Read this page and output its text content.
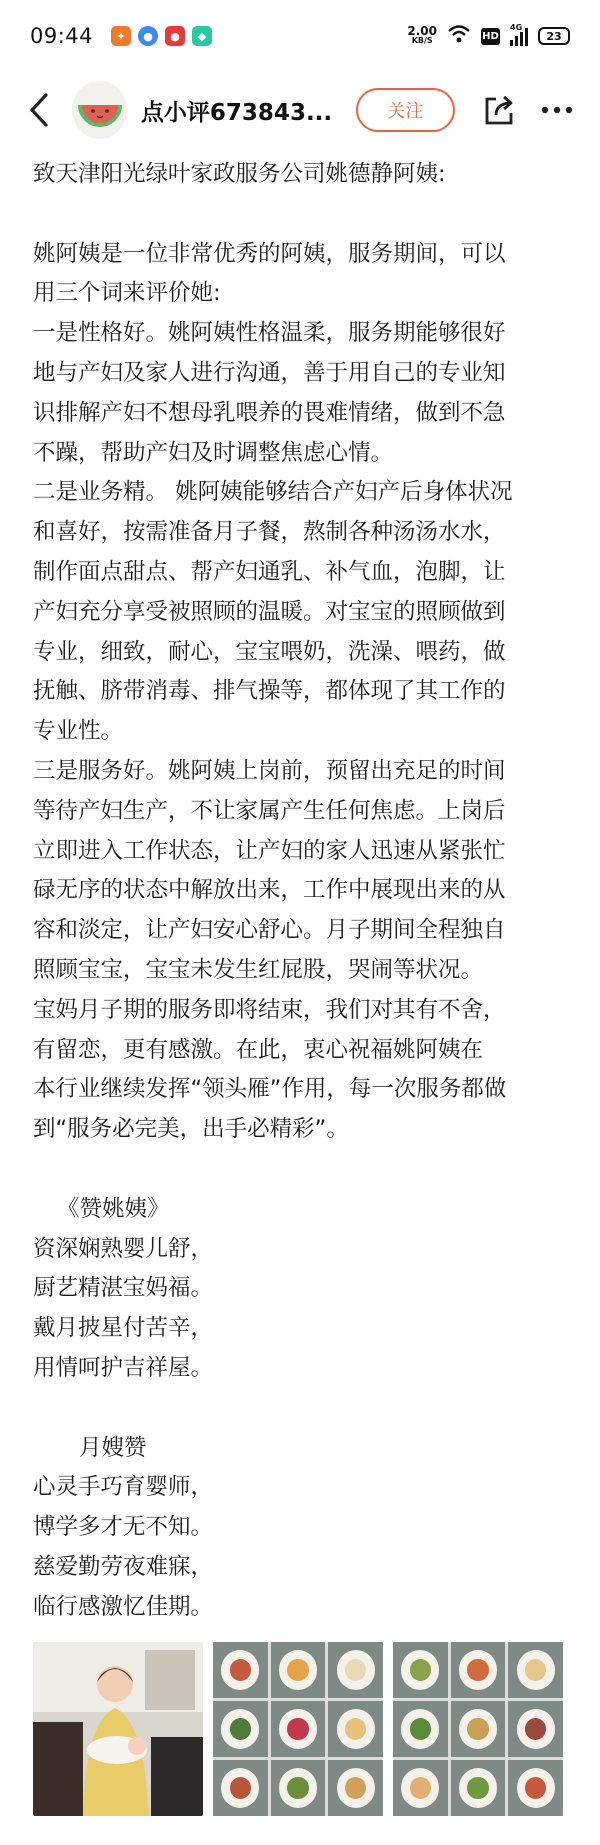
09:44	✦	●	●	◆	2.00
KB/S	HD
4G
23
点小评673843...	关注
致天津阳光绿叶家政服务公司姚德静阿姨:
姚阿姨是一位非常优秀的阿姨，服务期间，可以
用三个词来评价她:
一是性格好。姚阿姨性格温柔，服务期能够很好
地与产妇及家人进行沟通，善于用自己的专业知
识排解产妇不想母乳喂养的畏难情绪，做到不急
不躁，帮助产妇及时调整焦虑心情。
二是业务精。 姚阿姨能够结合产妇产后身体状况
和喜好，按需准备月子餐，熬制各种汤汤水水，
制作面点甜点、帮产妇通乳、补气血，泡脚，让
产妇充分享受被照顾的温暖。对宝宝的照顾做到
专业，细致，耐心，宝宝喂奶，洗澡、喂药，做
抚触、脐带消毒、排气操等，都体现了其工作的
专业性。
三是服务好。姚阿姨上岗前，预留出充足的时间
等待产妇生产，不让家属产生任何焦虑。上岗后
立即进入工作状态，让产妇的家人迅速从紧张忙
碌无序的状态中解放出来，工作中展现出来的从
容和淡定，让产妇安心舒心。月子期间全程独自
照顾宝宝，宝宝未发生红屁股，哭闹等状况。
宝妈月子期的服务即将结束，我们对其有不舍，
有留恋，更有感激。在此，衷心祝福姚阿姨在
本行业继续发挥“领头雁”作用，每一次服务都做
到“服务必完美，出手必精彩”。
《赞姚姨》
资深娴熟婴儿舒，
厨艺精湛宝妈福。
戴月披星付苦辛，
用情呵护吉祥屋。
月嫂赞
心灵手巧育婴师，
博学多才无不知。
慈爱勤劳夜难寐，
临行感激忆佳期。
